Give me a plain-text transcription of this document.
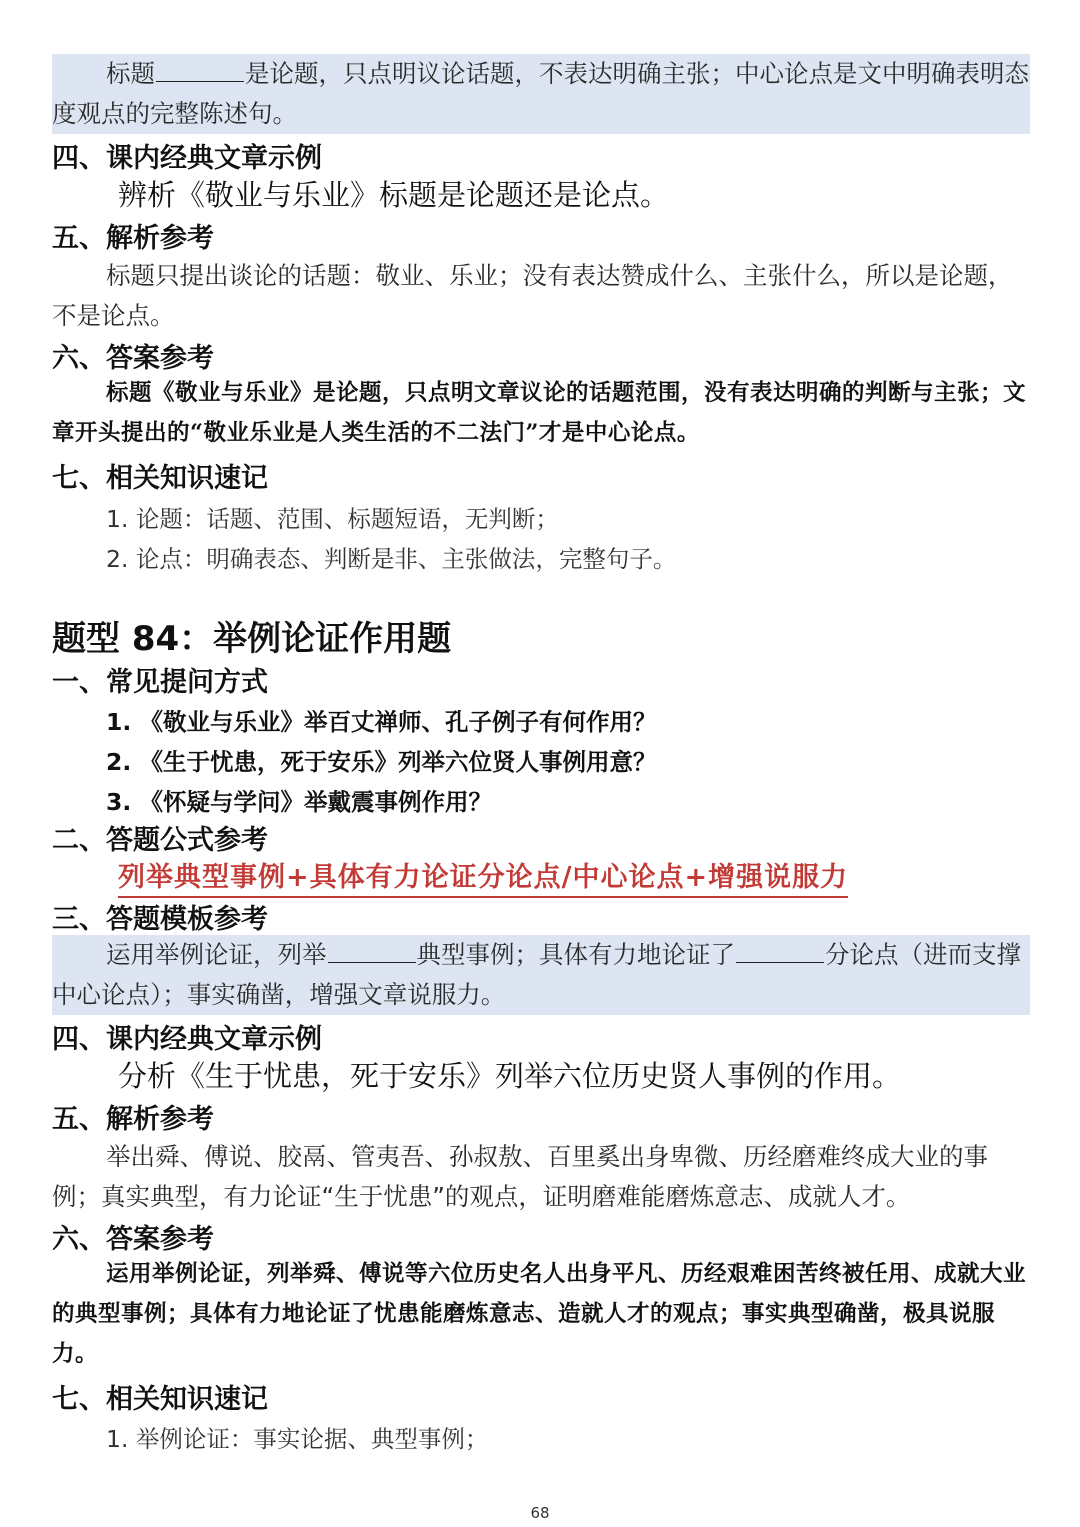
标题	是论题，只点明议论话题，不表达明确主张；中心论点是文中明确表明态度观点的完整陈述句。
四、课内经典文章示例
辨析《敬业与乐业》标题是论题还是论点。
五、解析参考
标题只提出谈论的话题：敬业、乐业；没有表达赞成什么、主张什么，所以是论题，不是论点。
六、答案参考
标题《敬业与乐业》是论题，只点明文章议论的话题范围，没有表达明确的判断与主张；文章开头提出的“敬业乐业是人类生活的不二法门”才是中心论点。
七、相关知识速记
1. 论题：话题、范围、标题短语，无判断；
2. 论点：明确表态、判断是非、主张做法，完整句子。
题型 84：举例论证作用题
一、常见提问方式
1. 《敬业与乐业》举百丈禅师、孔子例子有何作用？
2. 《生于忧患，死于安乐》列举六位贤人事例用意？
3. 《怀疑与学问》举戴震事例作用？
二、答题公式参考
列举典型事例+具体有力论证分论点/中心论点+增强说服力
三、答题模板参考
运用举例论证，列举	典型事例；具体有力地论证了	分论点（进而支撑中心论点）；事实确凿，增强文章说服力。
四、课内经典文章示例
分析《生于忧患，死于安乐》列举六位历史贤人事例的作用。
五、解析参考
举出舜、傅说、胶鬲、管夷吾、孙叔敖、百里奚出身卑微、历经磨难终成大业的事例；真实典型，有力论证“生于忧患”的观点，证明磨难能磨炼意志、成就人才。
六、答案参考
运用举例论证，列举舜、傅说等六位历史名人出身平凡、历经艰难困苦终被任用、成就大业的典型事例；具体有力地论证了忧患能磨炼意志、造就人才的观点；事实典型确凿，极具说服力。
七、相关知识速记
1. 举例论证：事实论据、典型事例；
68
